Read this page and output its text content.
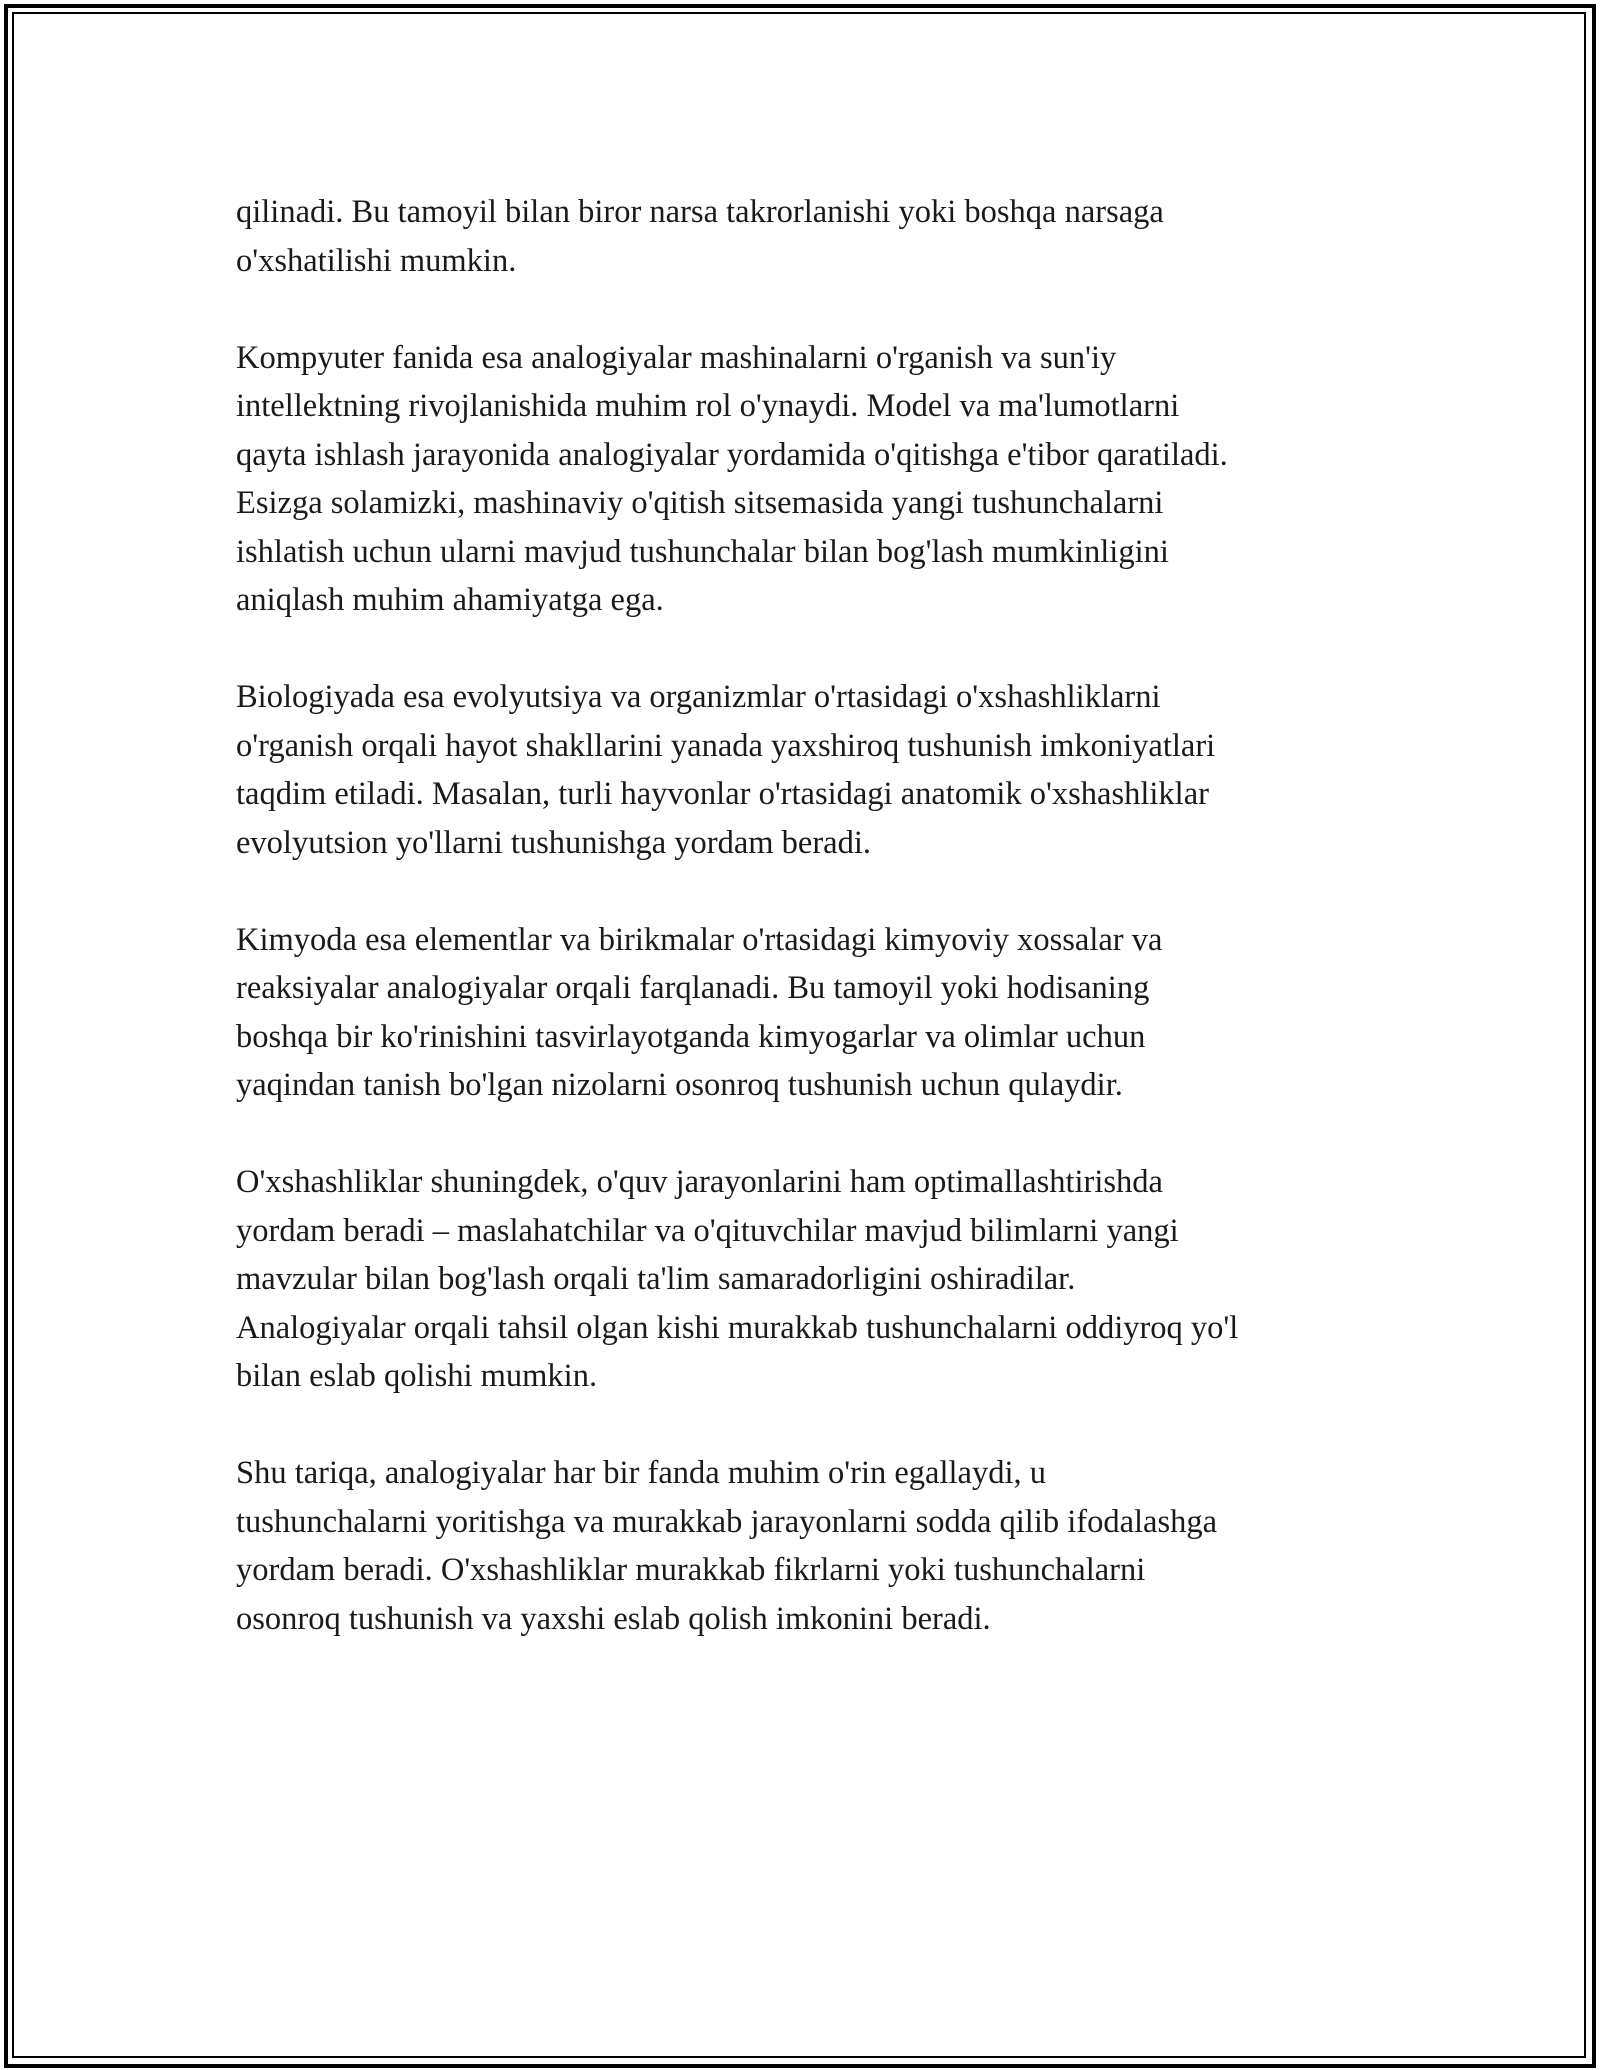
qilinadi. Bu tamoyil bilan biror narsa takrorlanishi yoki boshqa narsaga
o'xshatilishi mumkin.

Kompyuter fanida esa analogiyalar mashinalarni o'rganish va sun'iy
intellektning rivojlanishida muhim rol o'ynaydi. Model va ma'lumotlarni
qayta ishlash jarayonida analogiyalar yordamida o'qitishga e'tibor qaratiladi.
Esizga solamizki, mashinaviy o'qitish sitsemasida yangi tushunchalarni
ishlatish uchun ularni mavjud tushunchalar bilan bog'lash mumkinligini
aniqlash muhim ahamiyatga ega.

Biologiyada esa evolyutsiya va organizmlar o'rtasidagi o'xshashliklarni
o'rganish orqali hayot shakllarini yanada yaxshiroq tushunish imkoniyatlari
taqdim etiladi. Masalan, turli hayvonlar o'rtasidagi anatomik o'xshashliklar
evolyutsion yo'llarni tushunishga yordam beradi.

Kimyoda esa elementlar va birikmalar o'rtasidagi kimyoviy xossalar va
reaksiyalar analogiyalar orqali farqlanadi. Bu tamoyil yoki hodisaning
boshqa bir ko'rinishini tasvirlayotganda kimyogarlar va olimlar uchun
yaqindan tanish bo'lgan nizolarni osonroq tushunish uchun qulaydir.

O'xshashliklar shuningdek, o'quv jarayonlarini ham optimallashtirishda
yordam beradi – maslahatchilar va o'qituvchilar mavjud bilimlarni yangi
mavzular bilan bog'lash orqali ta'lim samaradorligini oshiradilar.
Analogiyalar orqali tahsil olgan kishi murakkab tushunchalarni oddiyroq yo'l
bilan eslab qolishi mumkin.

Shu tariqa, analogiyalar har bir fanda muhim o'rin egallaydi, u
tushunchalarni yoritishga va murakkab jarayonlarni sodda qilib ifodalashga
yordam beradi. O'xshashliklar murakkab fikrlarni yoki tushunchalarni
osonroq tushunish va yaxshi eslab qolish imkonini beradi.
